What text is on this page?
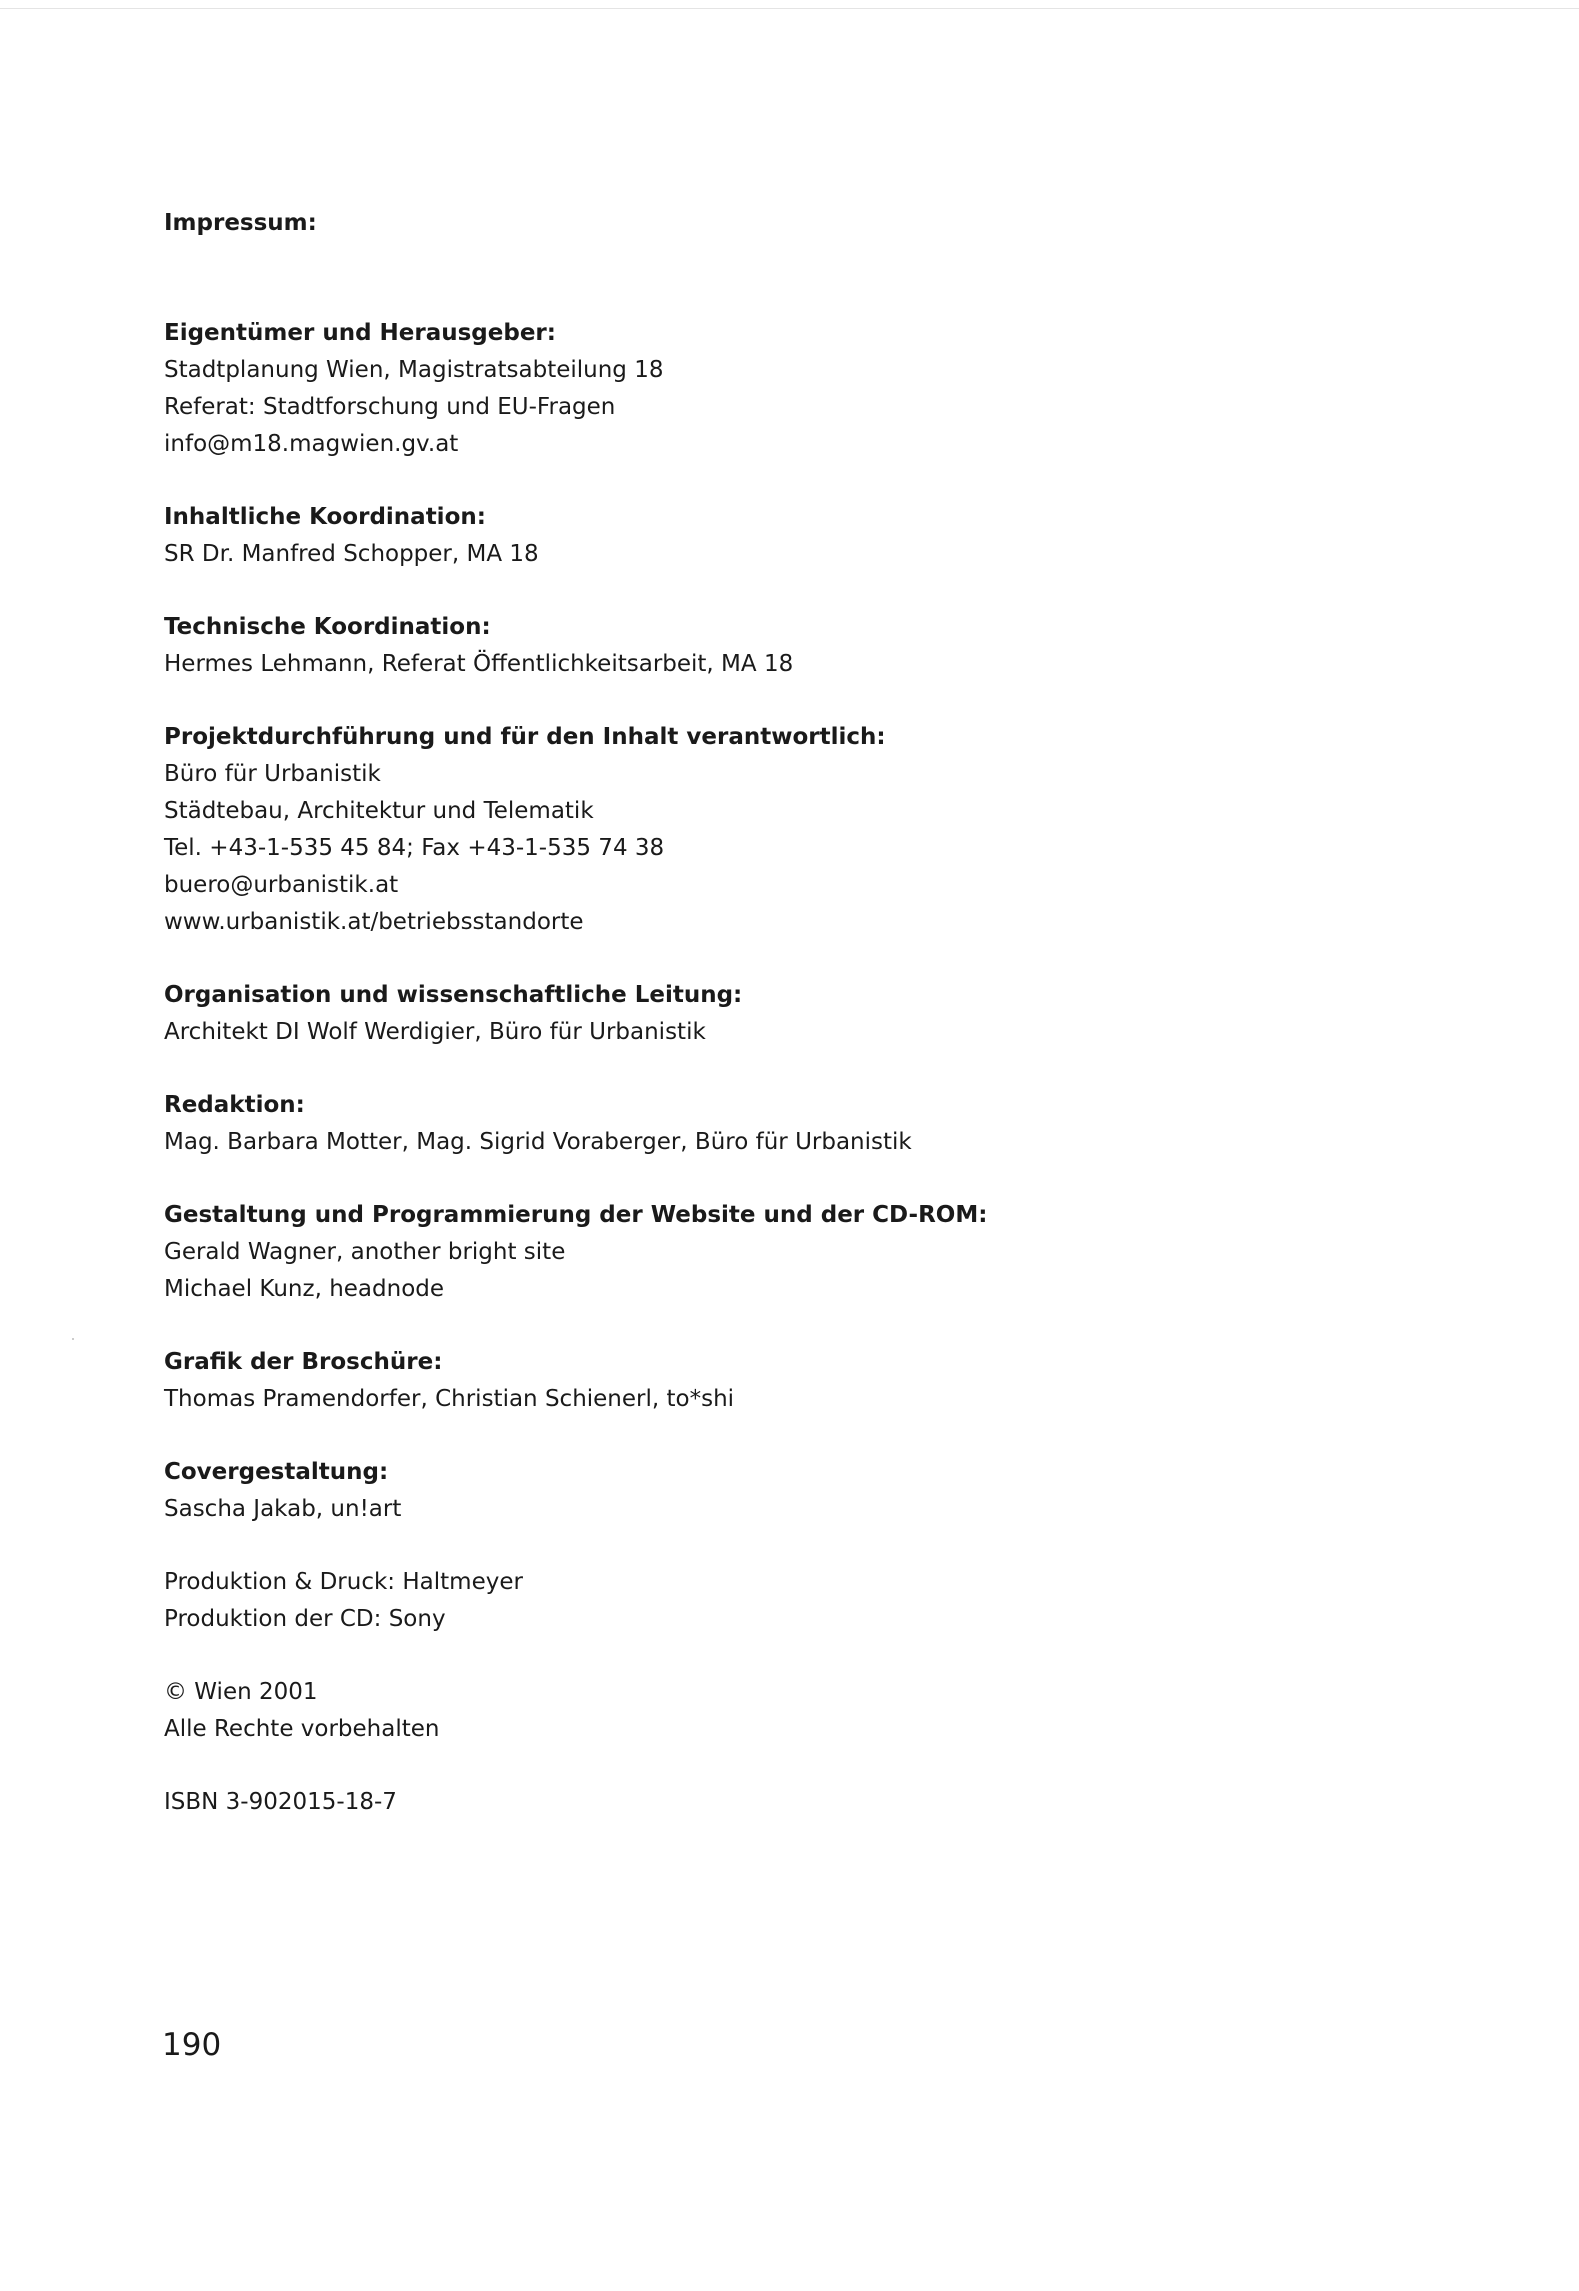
Impressum:
Eigentümer und Herausgeber:
Stadtplanung Wien, Magistratsabteilung 18
Referat: Stadtforschung und EU-Fragen
info@m18.magwien.gv.at
Inhaltliche Koordination:
SR Dr. Manfred Schopper, MA 18
Technische Koordination:
Hermes Lehmann, Referat Öffentlichkeitsarbeit, MA 18
Projektdurchführung und für den Inhalt verantwortlich:
Büro für Urbanistik
Städtebau, Architektur und Telematik
Tel. +43-1-535 45 84; Fax +43-1-535 74 38
buero@urbanistik.at
www.urbanistik.at/betriebsstandorte
Organisation und wissenschaftliche Leitung:
Architekt DI Wolf Werdigier, Büro für Urbanistik
Redaktion:
Mag. Barbara Motter, Mag. Sigrid Voraberger, Büro für Urbanistik
Gestaltung und Programmierung der Website und der CD-ROM:
Gerald Wagner, another bright site
Michael Kunz, headnode
Grafik der Broschüre:
Thomas Pramendorfer, Christian Schienerl, to*shi
Covergestaltung:
Sascha Jakab, un!art
Produktion & Druck: Haltmeyer
Produktion der CD: Sony
© Wien 2001
Alle Rechte vorbehalten
ISBN 3-902015-18-7
190
